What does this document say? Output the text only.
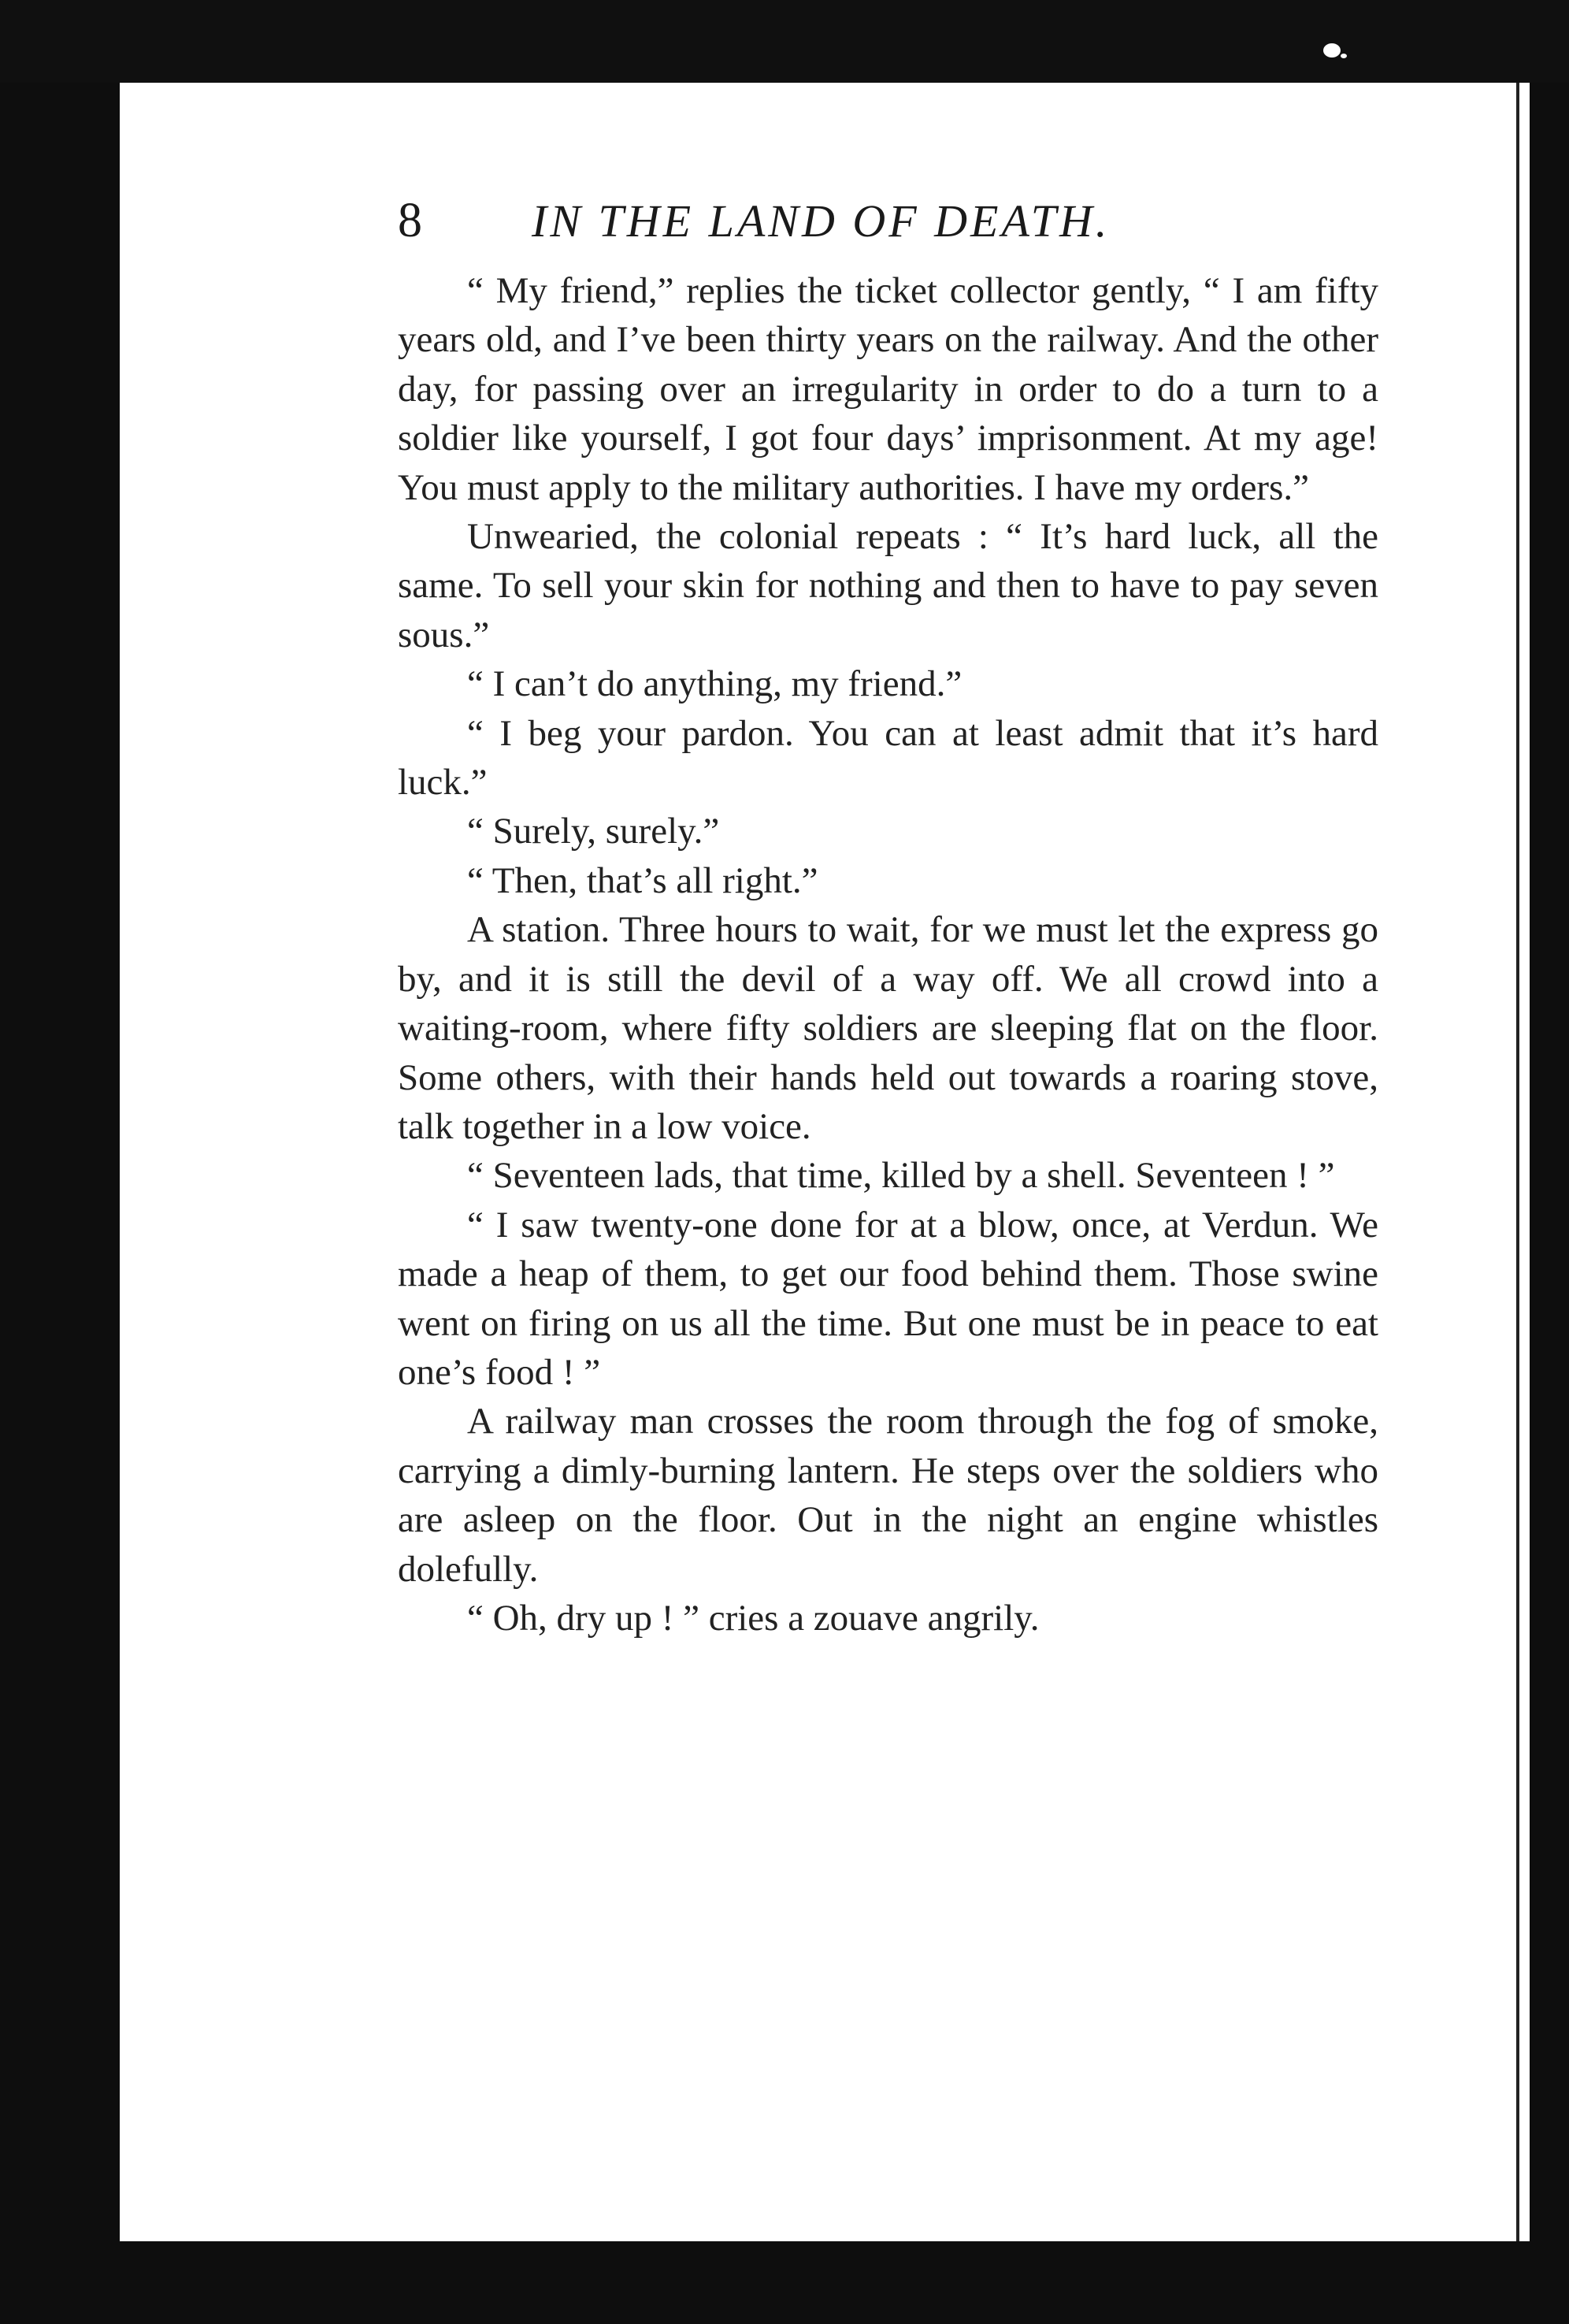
8	IN THE LAND OF DEATH.

“ My friend,” replies the ticket collector gently, “ I am fifty years old, and I’ve been thirty years on the railway. And the other day, for passing over an irregularity in order to do a turn to a soldier like yourself, I got four days’ imprisonment. At my age! You must apply to the military authorities. I have my orders.”

Unwearied, the colonial repeats : “ It’s hard luck, all the same. To sell your skin for nothing and then to have to pay seven sous.”

“ I can’t do anything, my friend.”

“ I beg your pardon. You can at least admit that it’s hard luck.”

“ Surely, surely.”

“ Then, that’s all right.”

A station. Three hours to wait, for we must let the express go by, and it is still the devil of a way off. We all crowd into a waiting-room, where fifty soldiers are sleeping flat on the floor. Some others, with their hands held out towards a roaring stove, talk together in a low voice.

“ Seventeen lads, that time, killed by a shell. Seventeen ! ”

“ I saw twenty-one done for at a blow, once, at Verdun. We made a heap of them, to get our food behind them. Those swine went on firing on us all the time. But one must be in peace to eat one’s food ! ”

A railway man crosses the room through the fog of smoke, carrying a dimly-burning lantern. He steps over the soldiers who are asleep on the floor. Out in the night an engine whistles dolefully.

“ Oh, dry up ! ” cries a zouave angrily.
